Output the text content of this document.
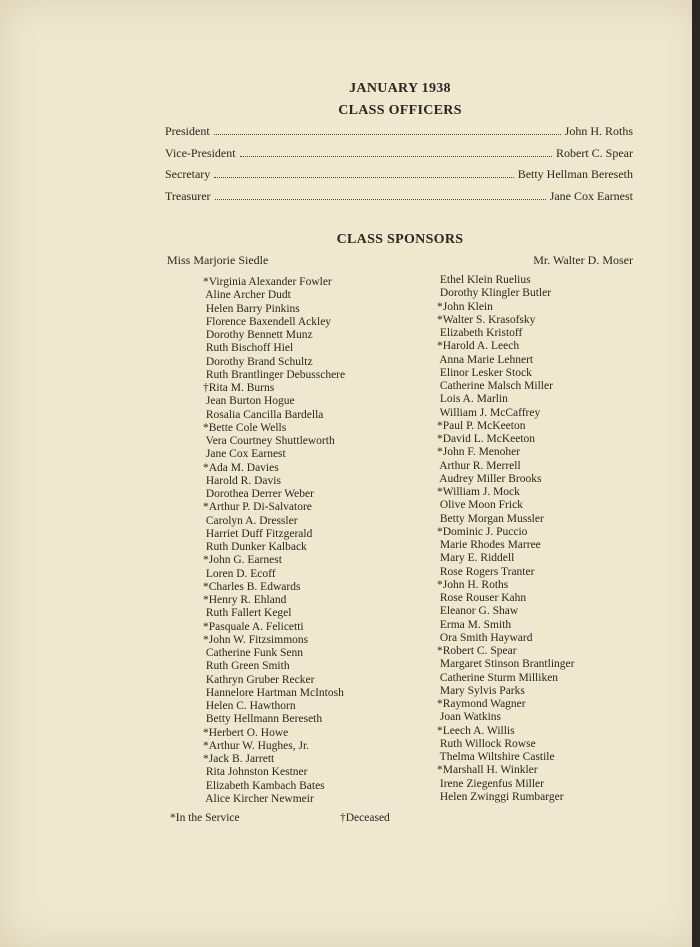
JANUARY 1938
CLASS OFFICERS
President	John H. Roths
Vice-President	Robert C. Spear
Secretary	Betty Hellman Bereseth
Treasurer	Jane Cox Earnest
CLASS SPONSORS
Miss Marjorie Siedle	Mr. Walter D. Moser
*Virginia Alexander Fowler
Aline Archer Dudt
Helen Barry Pinkins
Florence Baxendell Ackley
Dorothy Bennett Munz
Ruth Bischoff Hiel
Dorothy Brand Schultz
Ruth Brantlinger Debusschere
†Rita M. Burns
Jean Burton Hogue
Rosalia Cancilla Bardella
*Bette Cole Wells
Vera Courtney Shuttleworth
Jane Cox Earnest
*Ada M. Davies
Harold R. Davis
Dorothea Derrer Weber
*Arthur P. Di-Salvatore
Carolyn A. Dressler
Harriet Duff Fitzgerald
Ruth Dunker Kalback
*John G. Earnest
Loren D. Ecoff
*Charles B. Edwards
*Henry R. Ehland
Ruth Fallert Kegel
*Pasquale A. Felicetti
*John W. Fitzsimmons
Catherine Funk Senn
Ruth Green Smith
Kathryn Gruber Recker
Hannelore Hartman McIntosh
Helen C. Hawthorn
Betty Hellmann Bereseth
*Herbert O. Howe
*Arthur W. Hughes, Jr.
*Jack B. Jarrett
Rita Johnston Kestner
Elizabeth Kambach Bates
Alice Kircher Newmeir
Ethel Klein Ruelius
Dorothy Klingler Butler
*John Klein
*Walter S. Krasofsky
Elizabeth Kristoff
*Harold A. Leech
Anna Marie Lehnert
Elinor Lesker Stock
Catherine Malsch Miller
Lois A. Marlin
William J. McCaffrey
*Paul P. McKeeton
*David L. McKeeton
*John F. Menoher
Arthur R. Merrell
Audrey Miller Brooks
*William J. Mock
Olive Moon Frick
Betty Morgan Mussler
*Dominic J. Puccio
Marie Rhodes Marree
Mary E. Riddell
Rose Rogers Tranter
*John H. Roths
Rose Rouser Kahn
Eleanor G. Shaw
Erma M. Smith
Ora Smith Hayward
*Robert C. Spear
Margaret Stinson Brantlinger
Catherine Sturm Milliken
Mary Sylvis Parks
*Raymond Wagner
Joan Watkins
*Leech A. Willis
Ruth Willock Rowse
Thelma Wiltshire Castile
*Marshall H. Winkler
Irene Ziegenfus Miller
Helen Zwinggi Rumbarger
*In the Service	†Deceased
